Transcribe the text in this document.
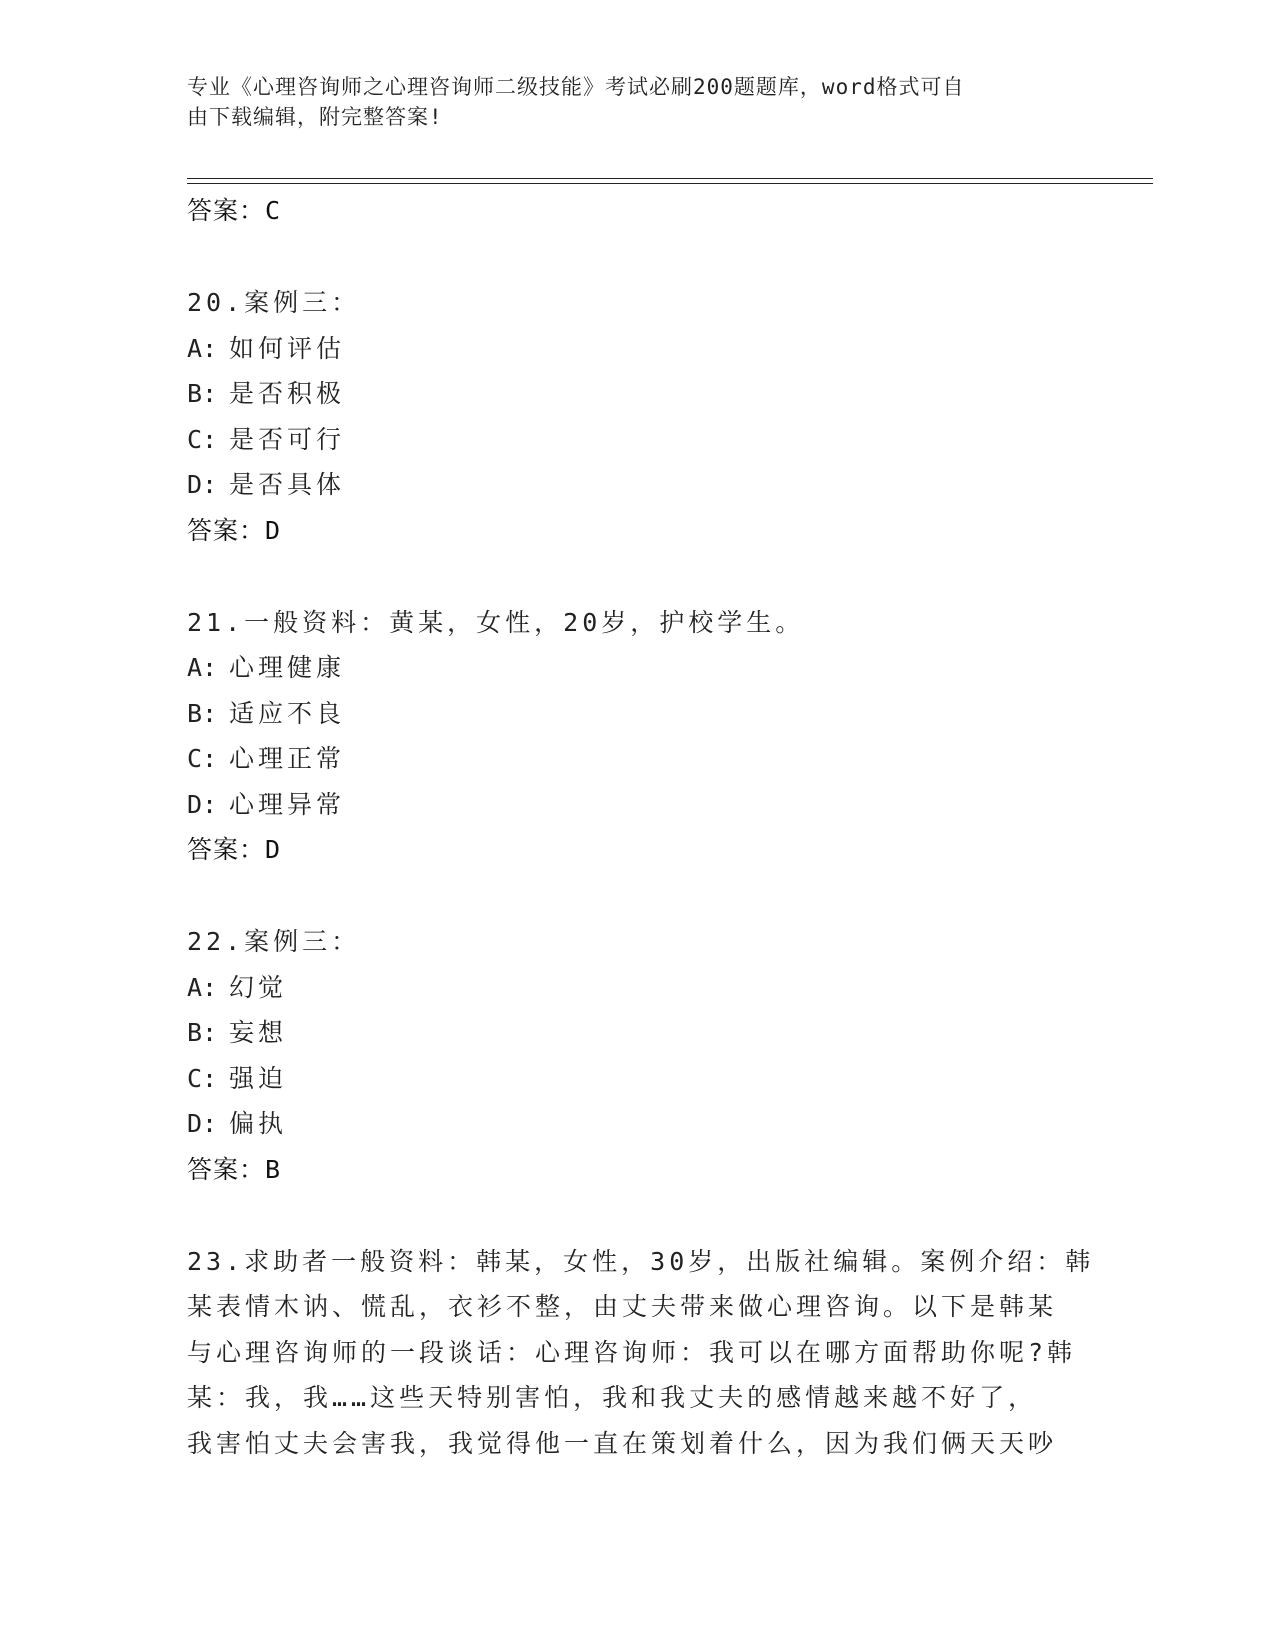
专业《心理咨询师之心理咨询师二级技能》考试必刷200题题库，word格式可自
由下载编辑，附完整答案!
答案：C
20.案例三：
A: 如何评估
B: 是否积极
C: 是否可行
D: 是否具体
答案：D
21.一般资料：黄某，女性，20岁，护校学生。
A: 心理健康
B: 适应不良
C: 心理正常
D: 心理异常
答案：D
22.案例三：
A: 幻觉
B: 妄想
C: 强迫
D: 偏执
答案：B
23.求助者一般资料：韩某，女性，30岁，出版社编辑。案例介绍：韩
某表情木讷、慌乱，衣衫不整，由丈夫带来做心理咨询。以下是韩某
与心理咨询师的一段谈话：心理咨询师：我可以在哪方面帮助你呢?韩
某：我，我……这些天特别害怕，我和我丈夫的感情越来越不好了，
我害怕丈夫会害我，我觉得他一直在策划着什么，因为我们俩天天吵
